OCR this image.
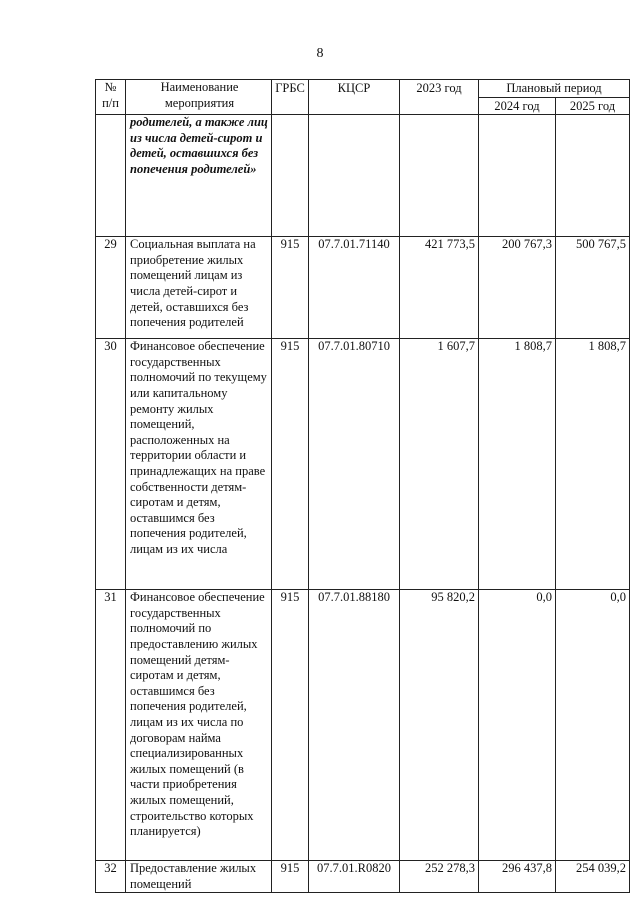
8
№
п/п	Наименование мероприятия	ГРБС	КЦСР	2023 год	Плановый период	
					2024 год	2025 год
	родителей, а также лиц из числа детей-сирот и детей, оставшихся без попечения родителей»					
29	Социальная выплата на приобретение жилых помещений лицам из числа детей-сирот и детей, оставшихся без попечения родителей	915	07.7.01.71140	421 773,5	200 767,3	500 767,5
30	Финансовое обеспечение государственных полномочий по текущему или капитальному ремонту жилых помещений, расположенных на территории области и принадлежащих на праве собственности детям-сиротам и детям, оставшимся без попечения родителей, лицам из их числа	915	07.7.01.80710	1 607,7	1 808,7	1 808,7
31	Финансовое обеспечение государственных полномочий по предоставлению жилых помещений детям-сиротам и детям, оставшимся без попечения родителей, лицам из их числа по договорам найма специализированных жилых помещений (в части приобретения жилых помещений, строительство которых планируется)	915	07.7.01.88180	95 820,2	0,0	0,0
32	Предоставление жилых помещений	915	07.7.01.R0820	252 278,3	296 437,8	254 039,2
